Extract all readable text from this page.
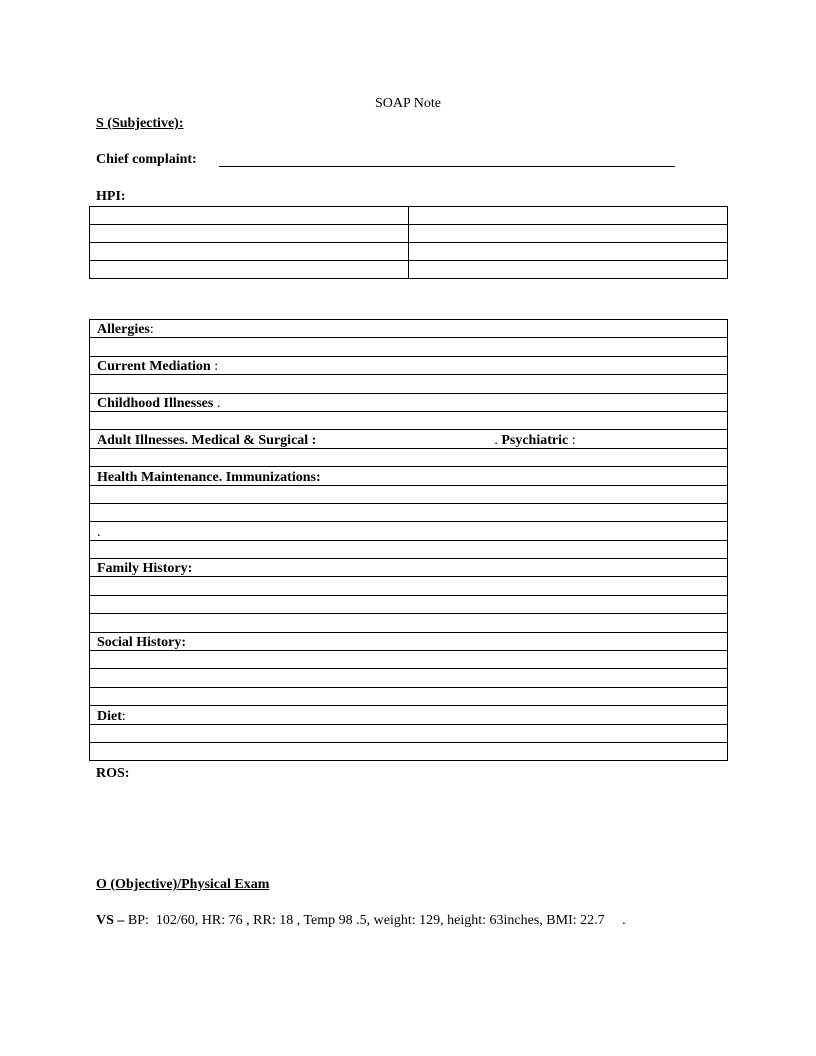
SOAP Note
S (Subjective):
Chief complaint:
HPI:

Allergies:

Current Mediation :

Childhood Illnesses .

Adult Illnesses. Medical & Surgical :	. Psychiatric :

Health Maintenance. Immunizations:

.

Family History:

Social History:

Diet:

ROS:
O (Objective)/Physical Exam
VS – BP:  102/60, HR: 76 , RR: 18 , Temp 98 .5, weight: 129, height: 63inches, BMI: 22.7     .
